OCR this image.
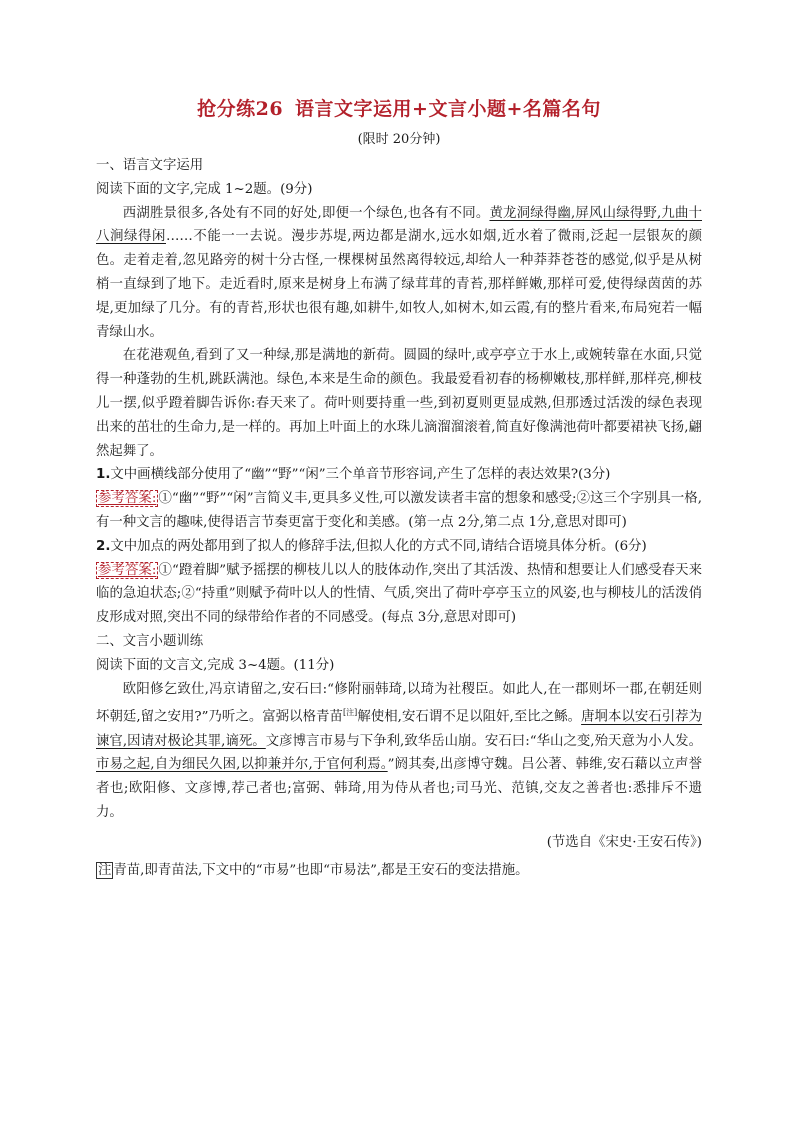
抢分练26 语言文字运用+文言小题+名篇名句
(限时 20分钟)
一、语言文字运用
阅读下面的文字,完成 1~2题。(9分)

西湖胜景很多,各处有不同的好处,即便一个绿色,也各有不同。黄龙洞绿得幽,屏风山绿得野,九曲十八涧绿得闲……不能一一去说。漫步苏堤,两边都是湖水,远水如烟,近水着了微雨,泛起一层银灰的颜色。走着走着,忽见路旁的树十分古怪,一棵棵树虽然离得较远,却给人一种莽莽苍苍的感觉,似乎是从树梢一直绿到了地下。走近看时,原来是树身上布满了绿茸茸的青苔,那样鲜嫩,那样可爱,使得绿茵茵的苏堤,更加绿了几分。有的青苔,形状也很有趣,如耕牛,如牧人,如树木,如云霞,有的整片看来,布局宛若一幅青绿山水。

在花港观鱼,看到了又一种绿,那是满地的新荷。圆圆的绿叶,或亭亭立于水上,或婉转靠在水面,只觉得一种蓬勃的生机,跳跃满池。绿色,本来是生命的颜色。我最爱看初春的杨柳嫩枝,那样鲜,那样亮,柳枝儿一摆,似乎蹬着脚告诉你:春天来了。荷叶则要持重一些,到初夏则更显成熟,但那透过活泼的绿色表现出来的茁壮的生命力,是一样的。再加上叶面上的水珠儿滴溜溜滚着,简直好像满池荷叶都要裙袂飞扬,翩然起舞了。

1.文中画横线部分使用了“幽”“野”“闲”三个单音节形容词,产生了怎样的表达效果?(3分)

参考答案: ①“幽”“野”“闲”言简义丰,更具多义性,可以激发读者丰富的想象和感受;②这三个字别具一格,有一种文言的趣味,使得语言节奏更富于变化和美感。(第一点 2分,第二点 1分,意思对即可)

2.文中加点的两处都用到了拟人的修辞手法,但拟人化的方式不同,请结合语境具体分析。(6分)

参考答案: ①“蹬着脚”赋予摇摆的柳枝儿以人的肢体动作,突出了其活泼、热情和想要让人们感受春天来临的急迫状态;②“持重”则赋予荷叶以人的性情、气质,突出了荷叶亭亭玉立的风姿,也与柳枝儿的活泼俏皮形成对照,突出不同的绿带给作者的不同感受。(每点 3分,意思对即可)

二、文言小题训练
阅读下面的文言文,完成 3~4题。(11分)

欧阳修乞致仕,冯京请留之,安石曰:“修附丽韩琦,以琦为社稷臣。如此人,在一郡则坏一郡,在朝廷则坏朝廷,留之安用?”乃听之。富弼以格青苗[注]解使相,安石谓不足以阻奸,至比之鲧。唐坰本以安石引荐为谏官,因请对极论其罪,谪死。文彦博言市易与下争利,致华岳山崩。安石曰:“华山之变,殆天意为小人发。市易之起,自为细民久困,以抑兼并尔,于官何利焉。”阏其奏,出彦博守魏。吕公著、韩维,安石藉以立声誉者也;欧阳修、文彦博,荐己者也;富弼、韩琦,用为侍从者也;司马光、范镇,交友之善者也:悉排斥不遗力。

(节选自《宋史·王安石传》)

注 青苗,即青苗法,下文中的“市易”也即“市易法”,都是王安石的变法措施。
